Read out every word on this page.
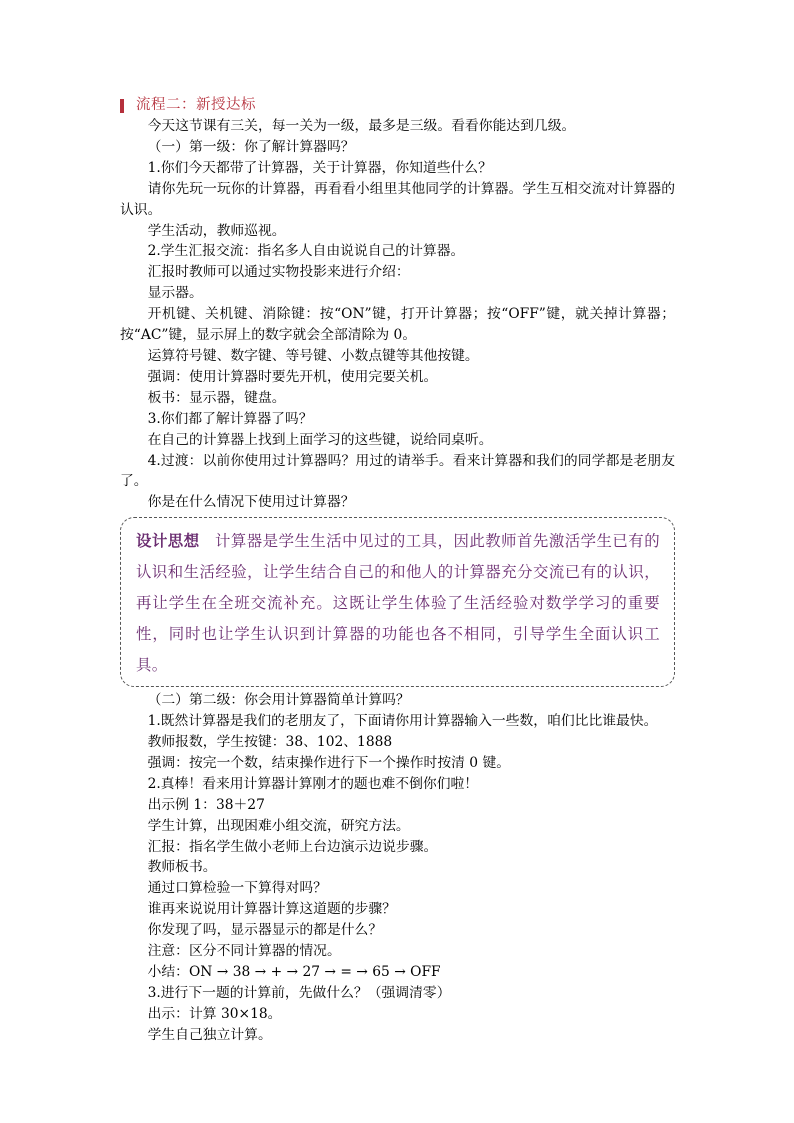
流程二：新授达标

今天这节课有三关，每一关为一级，最多是三级。看看你能达到几级。

（一）第一级：你了解计算器吗？

1.你们今天都带了计算器，关于计算器，你知道些什么？

请你先玩一玩你的计算器，再看看小组里其他同学的计算器。学生互相交流对计算器的认识。

学生活动，教师巡视。

2.学生汇报交流：指名多人自由说说自己的计算器。

汇报时教师可以通过实物投影来进行介绍：

显示器。

开机键、关机键、消除键：按“ON”键，打开计算器；按“OFF”键，就关掉计算器；按“AC”键，显示屏上的数字就会全部清除为 0。

运算符号键、数字键、等号键、小数点键等其他按键。

强调：使用计算器时要先开机，使用完要关机。

板书：显示器，键盘。

3.你们都了解计算器了吗？

在自己的计算器上找到上面学习的这些键，说给同桌听。

4.过渡：以前你使用过计算器吗？用过的请举手。看来计算器和我们的同学都是老朋友了。

你是在什么情况下使用过计算器？

设计思想 计算器是学生生活中见过的工具，因此教师首先激活学生已有的认识和生活经验，让学生结合自己的和他人的计算器充分交流已有的认识，再让学生在全班交流补充。这既让学生体验了生活经验对数学学习的重要性，同时也让学生认识到计算器的功能也各不相同，引导学生全面认识工具。

（二）第二级：你会用计算器简单计算吗？

1.既然计算器是我们的老朋友了，下面请你用计算器输入一些数，咱们比比谁最快。

教师报数，学生按键：38、102、1888

强调：按完一个数，结束操作进行下一个操作时按清 0 键。

2.真棒！看来用计算器计算刚才的题也难不倒你们啦！

出示例 1：38＋27

学生计算，出现困难小组交流，研究方法。

汇报：指名学生做小老师上台边演示边说步骤。

教师板书。

通过口算检验一下算得对吗？

谁再来说说用计算器计算这道题的步骤？

你发现了吗，显示器显示的都是什么？

注意：区分不同计算器的情况。

小结：ON → 38 → + → 27 → = → 65 → OFF

3.进行下一题的计算前，先做什么？（强调清零）

出示：计算 30×18。

学生自己独立计算。
